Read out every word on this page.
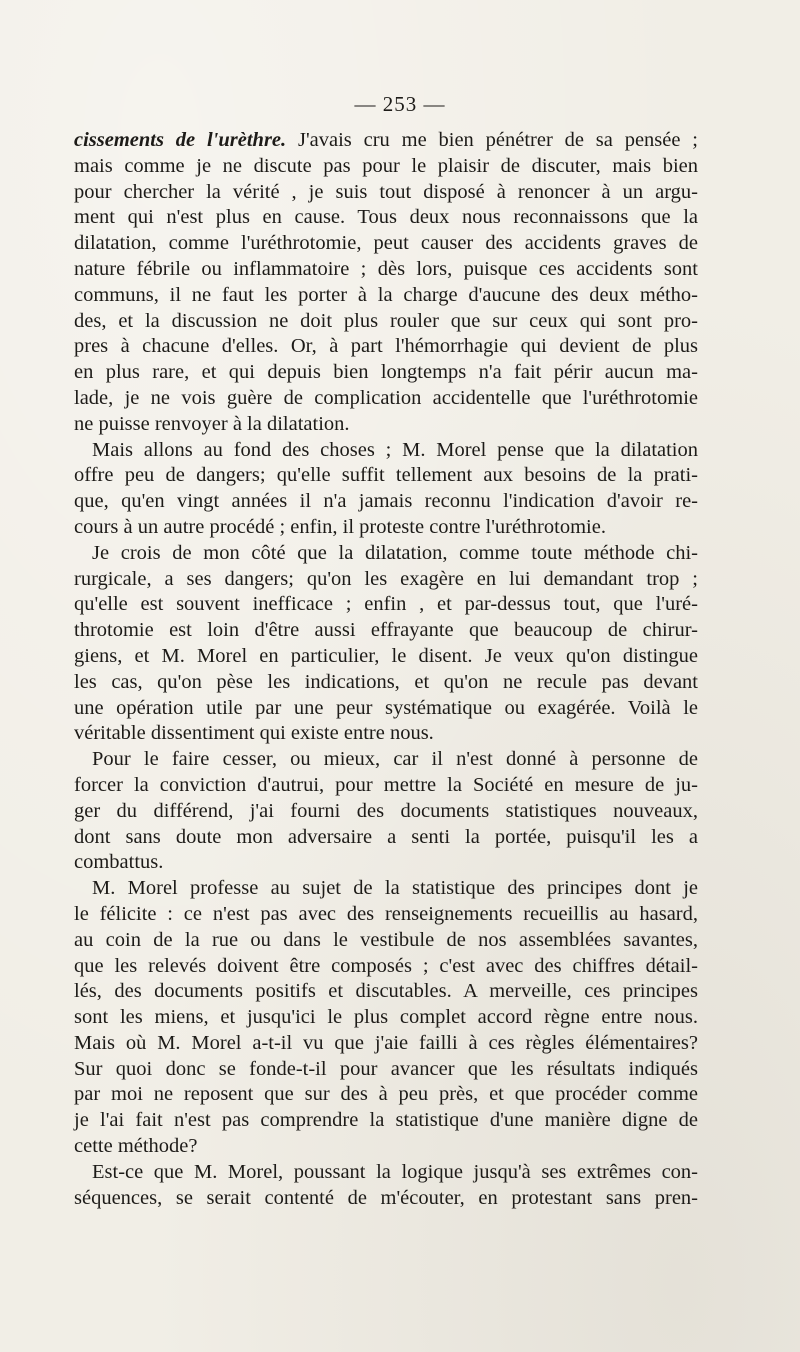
— 253 —
cissements de l'urèthre. J'avais cru me bien pénétrer de sa pensée ;
mais comme je ne discute pas pour le plaisir de discuter, mais bien
pour chercher la vérité , je suis tout disposé à renoncer à un argu-
ment qui n'est plus en cause. Tous deux nous reconnaissons que la
dilatation, comme l'uréthrotomie, peut causer des accidents graves de
nature fébrile ou inflammatoire ; dès lors, puisque ces accidents sont
communs, il ne faut les porter à la charge d'aucune des deux métho-
des, et la discussion ne doit plus rouler que sur ceux qui sont pro-
pres à chacune d'elles. Or, à part l'hémorrhagie qui devient de plus
en plus rare, et qui depuis bien longtemps n'a fait périr aucun ma-
lade, je ne vois guère de complication accidentelle que l'uréthrotomie
ne puisse renvoyer à la dilatation.
Mais allons au fond des choses ; M. Morel pense que la dilatation
offre peu de dangers; qu'elle suffit tellement aux besoins de la prati-
que, qu'en vingt années il n'a jamais reconnu l'indication d'avoir re-
cours à un autre procédé ; enfin, il proteste contre l'uréthrotomie.
Je crois de mon côté que la dilatation, comme toute méthode chi-
rurgicale, a ses dangers; qu'on les exagère en lui demandant trop ;
qu'elle est souvent inefficace ; enfin , et par-dessus tout, que l'uré-
throtomie est loin d'être aussi effrayante que beaucoup de chirur-
giens, et M. Morel en particulier, le disent. Je veux qu'on distingue
les cas, qu'on pèse les indications, et qu'on ne recule pas devant
une opération utile par une peur systématique ou exagérée. Voilà le
véritable dissentiment qui existe entre nous.
Pour le faire cesser, ou mieux, car il n'est donné à personne de
forcer la conviction d'autrui, pour mettre la Société en mesure de ju-
ger du différend, j'ai fourni des documents statistiques nouveaux,
dont sans doute mon adversaire a senti la portée, puisqu'il les a
combattus.
M. Morel professe au sujet de la statistique des principes dont je
le félicite : ce n'est pas avec des renseignements recueillis au hasard,
au coin de la rue ou dans le vestibule de nos assemblées savantes,
que les relevés doivent être composés ; c'est avec des chiffres détail-
lés, des documents positifs et discutables. A merveille, ces principes
sont les miens, et jusqu'ici le plus complet accord règne entre nous.
Mais où M. Morel a-t-il vu que j'aie failli à ces règles élémentaires?
Sur quoi donc se fonde-t-il pour avancer que les résultats indiqués
par moi ne reposent que sur des à peu près, et que procéder comme
je l'ai fait n'est pas comprendre la statistique d'une manière digne de
cette méthode?
Est-ce que M. Morel, poussant la logique jusqu'à ses extrêmes con-
séquences, se serait contenté de m'écouter, en protestant sans pren-
